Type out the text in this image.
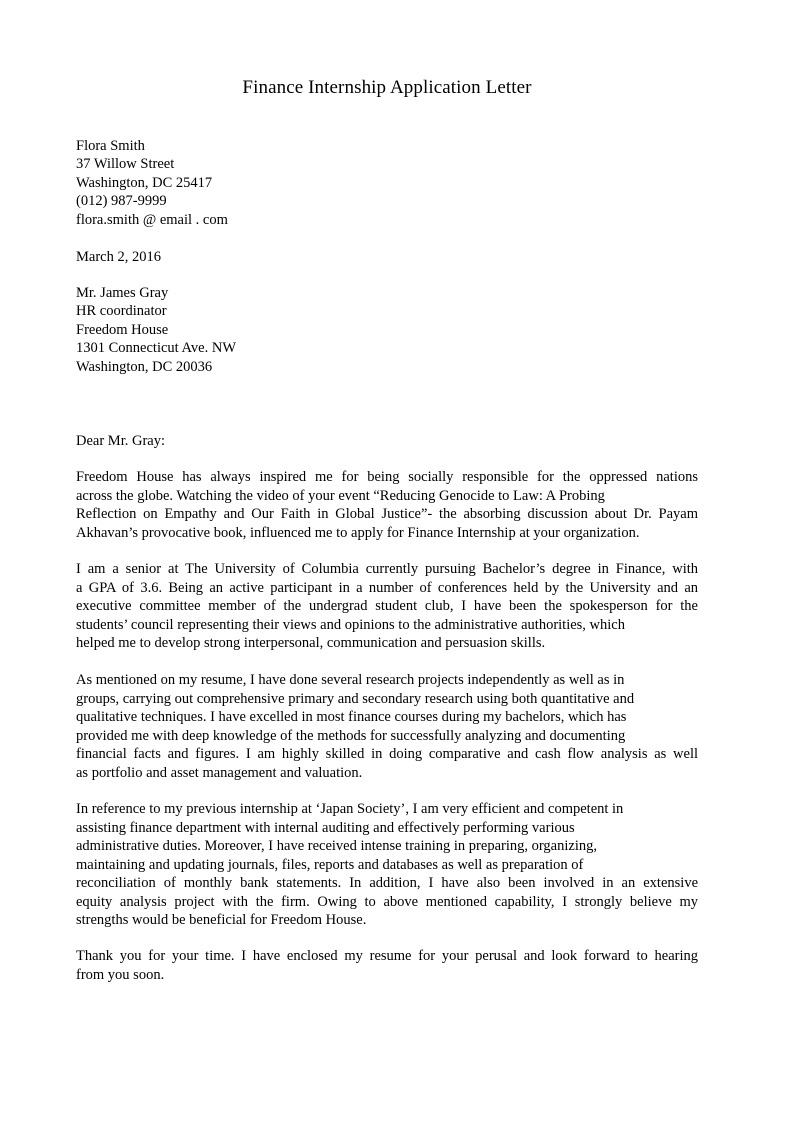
Finance Internship Application Letter
Flora Smith
37 Willow Street
Washington, DC 25417
(012) 987-9999
flora.smith @ email . com
March 2, 2016
Mr. James Gray
HR coordinator
Freedom House
1301 Connecticut Ave. NW
Washington, DC 20036
Dear Mr. Gray:
Freedom House has always inspired me for being socially responsible for the oppressed nations
across the globe. Watching the video of your event “Reducing Genocide to Law: A Probing
Reflection on Empathy and Our Faith in Global Justice”- the absorbing discussion about Dr. Payam
Akhavan’s provocative book, influenced me to apply for Finance Internship at your organization.
I am a senior at The University of Columbia currently pursuing Bachelor’s degree in Finance, with
a GPA of 3.6. Being an active participant in a number of conferences held by the University and an
executive committee member of the undergrad student club, I have been the spokesperson for the
students’ council representing their views and opinions to the administrative authorities, which
helped me to develop strong interpersonal, communication and persuasion skills.
As mentioned on my resume, I have done several research projects independently as well as in
groups, carrying out comprehensive primary and secondary research using both quantitative and
qualitative techniques. I have excelled in most finance courses during my bachelors, which has
provided me with deep knowledge of the methods for successfully analyzing and documenting
financial facts and figures. I am highly skilled in doing comparative and cash flow analysis as well
as portfolio and asset management and valuation.
In reference to my previous internship at ‘Japan Society’, I am very efficient and competent in
assisting finance department with internal auditing and effectively performing various
administrative duties. Moreover, I have received intense training in preparing, organizing,
maintaining and updating journals, files, reports and databases as well as preparation of
reconciliation of monthly bank statements. In addition, I have also been involved in an extensive
equity analysis project with the firm. Owing to above mentioned capability, I strongly believe my
strengths would be beneficial for Freedom House.
Thank you for your time. I have enclosed my resume for your perusal and look forward to hearing
from you soon.
